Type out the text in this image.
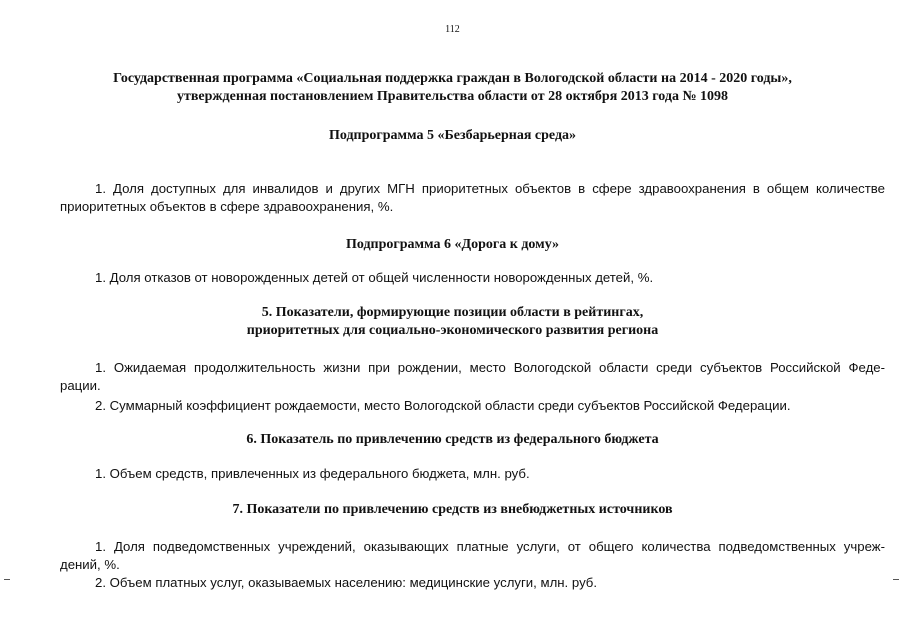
112
Государственная программа «Социальная поддержка граждан в Вологодской области на 2014 - 2020 годы»,
утвержденная постановлением Правительства области от 28 октября 2013 года № 1098
Подпрограмма 5 «Безбарьерная среда»
1. Доля доступных для инвалидов и других МГН приоритетных объектов в сфере здравоохранения в общем количестве
приоритетных объектов в сфере здравоохранения, %.
Подпрограмма 6 «Дорога к дому»
1. Доля отказов от новорожденных детей от общей численности новорожденных детей, %.
5. Показатели, формирующие позиции области в рейтингах,
приоритетных для социально-экономического развития региона
1. Ожидаемая продолжительность жизни при рождении, место Вологодской области среди субъектов Российской Феде-
рации.
2. Суммарный коэффициент рождаемости, место Вологодской области среди субъектов Российской Федерации.
6. Показатель по привлечению средств из федерального бюджета
1. Объем средств, привлеченных из федерального бюджета, млн. руб.
7. Показатели по привлечению средств из внебюджетных источников
1. Доля подведомственных учреждений, оказывающих платные услуги, от общего количества подведомственных учреж-
дений, %.
2. Объем платных услуг, оказываемых населению: медицинские услуги, млн. руб.
